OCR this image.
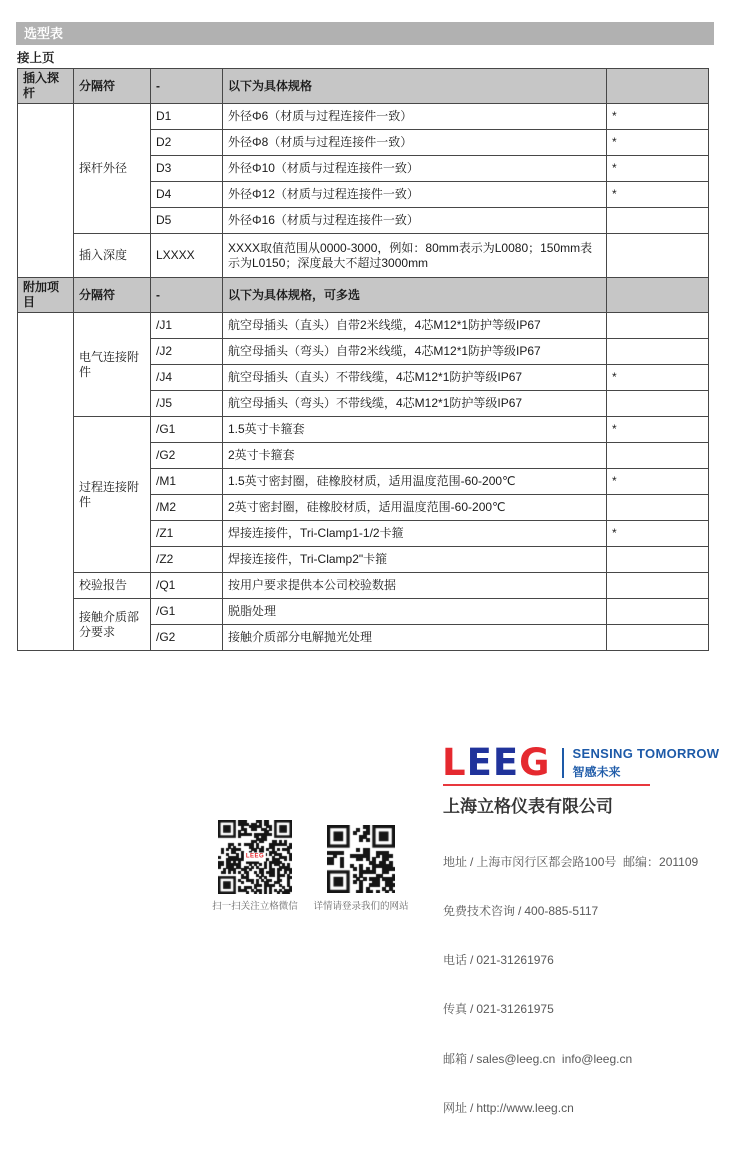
选型表
接上页
插入探杆	分隔符	-	以下为具体规格	
	探杆外径	D1	外径Φ6（材质与过程连接件一致）	*
		D2	外径Φ8（材质与过程连接件一致）	*
		D3	外径Φ10（材质与过程连接件一致）	*
		D4	外径Φ12（材质与过程连接件一致）	*
		D5	外径Φ16（材质与过程连接件一致）	
	插入深度	LXXXX	XXXX取值范围从0000-3000，例如：80mm表示为L0080；150mm表示为L0150；深度最大不超过3000mm	
附加项目	分隔符	-	以下为具体规格，可多选	
	电气连接附件	/J1	航空母插头（直头）自带2米线缆，4芯M12*1防护等级IP67	
		/J2	航空母插头（弯头）自带2米线缆，4芯M12*1防护等级IP67	
		/J4	航空母插头（直头）不带线缆，4芯M12*1防护等级IP67	*
		/J5	航空母插头（弯头）不带线缆，4芯M12*1防护等级IP67	
	过程连接附件	/G1	1.5英寸卡箍套	*
		/G2	2英寸卡箍套	
		/M1	1.5英寸密封圈，硅橡胶材质，适用温度范围-60-200℃	*
		/M2	2英寸密封圈，硅橡胶材质，适用温度范围-60-200℃	
		/Z1	焊接连接件，Tri-Clamp1-1/2卡箍	*
		/Z2	焊接连接件，Tri-Clamp2"卡箍	
	校验报告	/Q1	按用户要求提供本公司校验数据	
	接触介质部分要求	/G1	脱脂处理	
		/G2	接触介质部分电解抛光处理	
LEEG SENSING TOMORROW
智感未来
上海立格仪表有限公司

地址 / 上海市闵行区都会路100号  邮编：201109

免费技术咨询 / 400-885-5117

电话 / 021-31261976

传真 / 021-31261975

邮箱 / sales@leeg.cn  info@leeg.cn

网址 / http://www.leeg.cn

LEEG
扫一扫关注立格微信	详情请登录我们的网站
